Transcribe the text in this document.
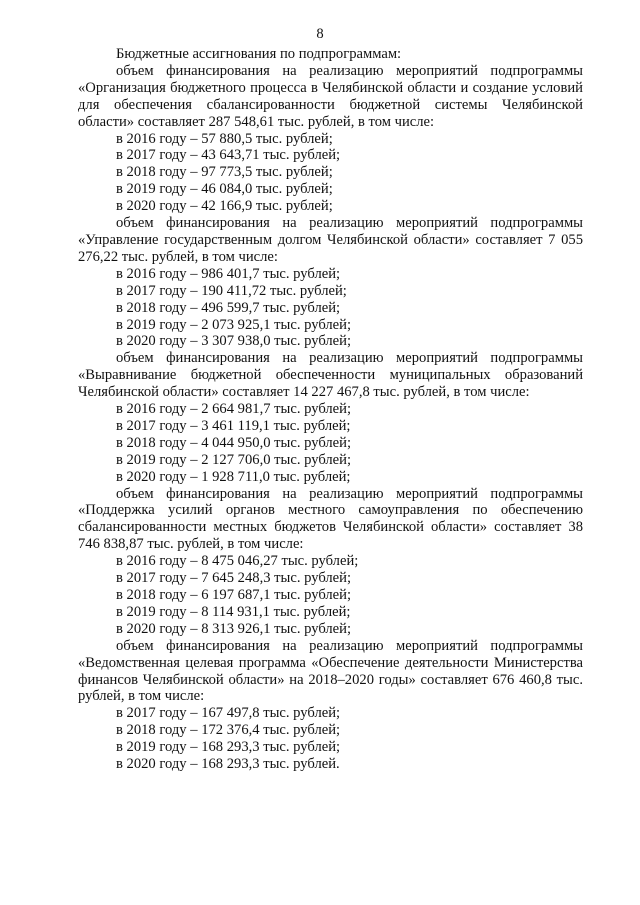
8

Бюджетные ассигнования по подпрограммам:

объем финансирования на реализацию мероприятий подпрограммы «Организация бюджетного процесса в Челябинской области и создание условий для обеспечения сбалансированности бюджетной системы Челябинской области» составляет 287 548,61 тыс. рублей, в том числе:

в 2016 году – 57 880,5 тыс. рублей;

в 2017 году – 43 643,71 тыс. рублей;

в 2018 году – 97 773,5 тыс. рублей;

в 2019 году – 46 084,0 тыс. рублей;

в 2020 году – 42 166,9 тыс. рублей;

объем финансирования на реализацию мероприятий подпрограммы «Управление государственным долгом Челябинской области» составляет 7 055 276,22 тыс. рублей, в том числе:

в 2016 году – 986 401,7 тыс. рублей;

в 2017 году – 190 411,72 тыс. рублей;

в 2018 году – 496 599,7 тыс. рублей;

в 2019 году – 2 073 925,1 тыс. рублей;

в 2020 году – 3 307 938,0 тыс. рублей;

объем финансирования на реализацию мероприятий подпрограммы «Выравнивание бюджетной обеспеченности муниципальных образований Челябинской области» составляет 14 227 467,8 тыс. рублей, в том числе:

в 2016 году – 2 664 981,7 тыс. рублей;

в 2017 году – 3 461 119,1 тыс. рублей;

в 2018 году – 4 044 950,0 тыс. рублей;

в 2019 году – 2 127 706,0 тыс. рублей;

в 2020 году – 1 928 711,0 тыс. рублей;

объем финансирования на реализацию мероприятий подпрограммы «Поддержка усилий органов местного самоуправления по обеспечению сбалансированности местных бюджетов Челябинской области» составляет 38 746 838,87 тыс. рублей, в том числе:

в 2016 году – 8 475 046,27 тыс. рублей;

в 2017 году – 7 645 248,3 тыс. рублей;

в 2018 году – 6 197 687,1 тыс. рублей;

в 2019 году – 8 114 931,1 тыс. рублей;

в 2020 году – 8 313 926,1 тыс. рублей;

объем финансирования на реализацию мероприятий подпрограммы «Ведомственная целевая программа «Обеспечение деятельности Министерства финансов Челябинской области» на 2018–2020 годы» составляет 676 460,8 тыс. рублей, в том числе:

в 2017 году – 167 497,8 тыс. рублей;

в 2018 году – 172 376,4 тыс. рублей;

в 2019 году – 168 293,3 тыс. рублей;

в 2020 году – 168 293,3 тыс. рублей.
